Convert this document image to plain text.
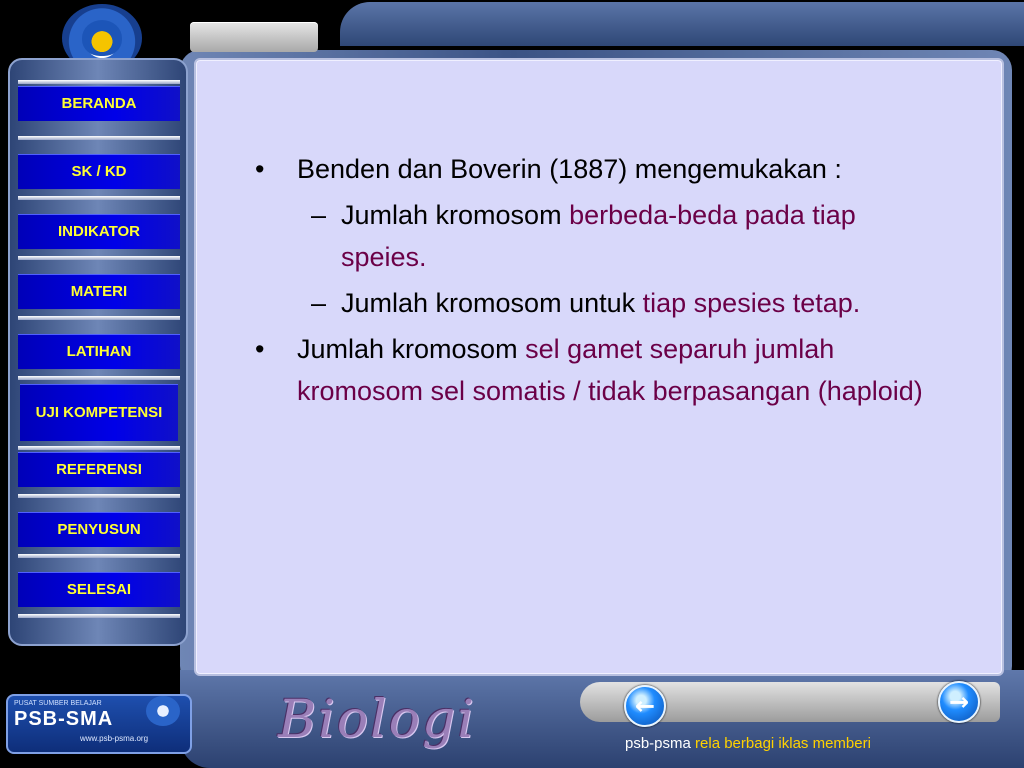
BERANDA
SK / KD
INDIKATOR
MATERI
LATIHAN
UJI KOMPETENSI
REFERENSI
PENYUSUN
SELESAI
• Benden dan Boverin (1887) mengemukakan :
– Jumlah kromosom berbeda-beda pada tiap speies.
– Jumlah kromosom untuk tiap spesies tetap.
• Jumlah kromosom sel gamet separuh jumlah kromosom sel somatis / tidak berpasangan (haploid)
←	→
PUSAT SUMBER BELAJAR
PSB-SMA
www.psb-psma.org Biologi	psb-psma rela berbagi iklas memberi
